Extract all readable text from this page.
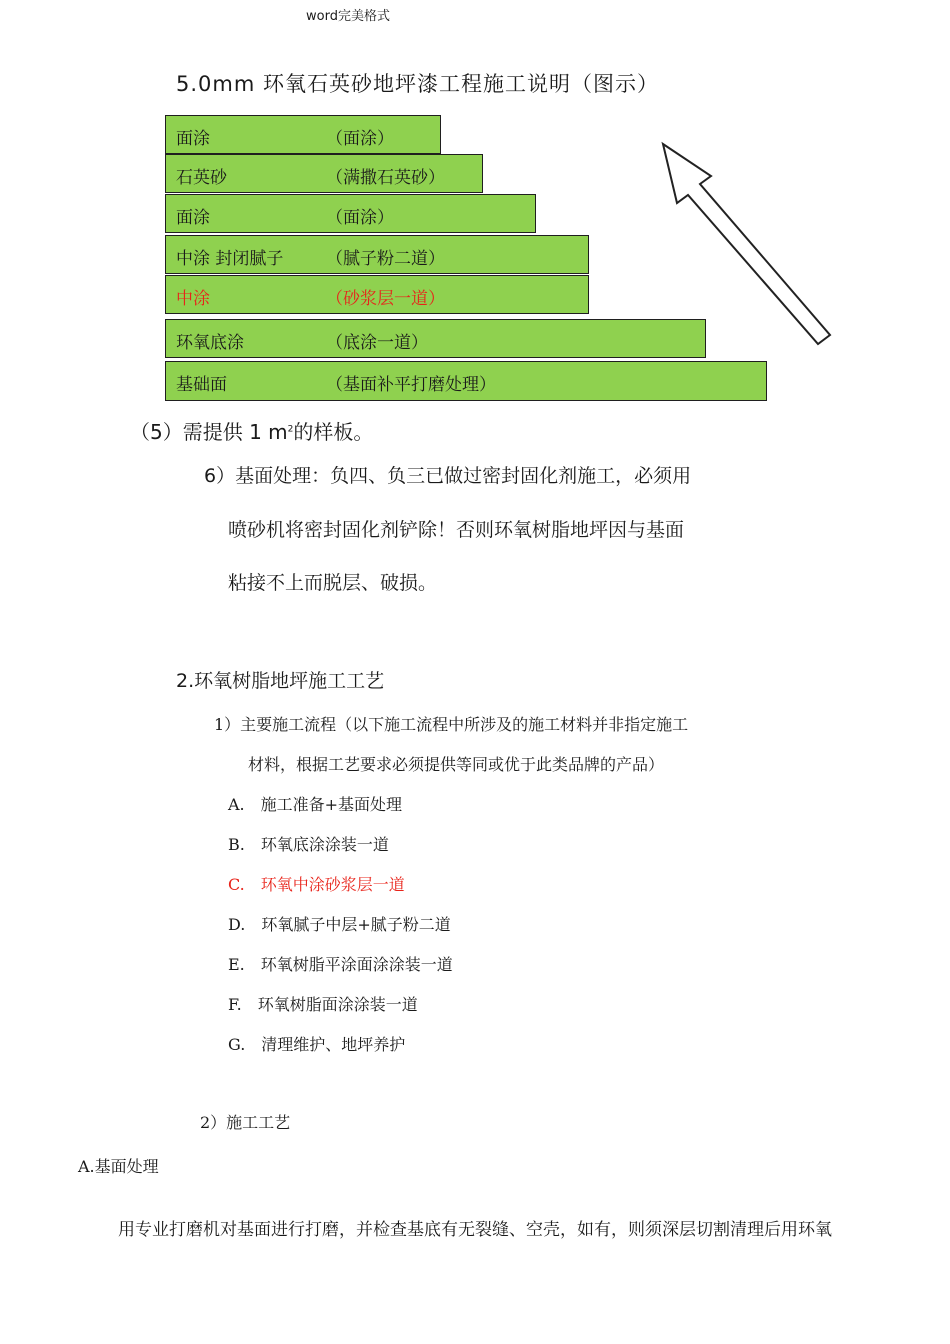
word完美格式
5.0mm 环氧石英砂地坪漆工程施工说明（图示）
面涂	（面涂）
石英砂	（满撒石英砂）
面涂	（面涂）
中涂 封闭腻子	（腻子粉二道）
中涂	（砂浆层一道）
环氧底涂	（底涂一道）
基础面	（基面补平打磨处理）
（5）需提供 1 $m^2$的样板。
6）基面处理：负四、负三已做过密封固化剂施工，必须用
喷砂机将密封固化剂铲除！否则环氧树脂地坪因与基面
粘接不上而脱层、破损。
2.环氧树脂地坪施工工艺
1）主要施工流程（以下施工流程中所涉及的施工材料并非指定施工
材料，根据工艺要求必须提供等同或优于此类品牌的产品）
A. 施工准备+基面处理
B. 环氧底涂涂装一道
C. 环氧中涂砂浆层一道
D. 环氧腻子中层+腻子粉二道
E. 环氧树脂平涂面涂涂装一道
F. 环氧树脂面涂涂装一道
G. 清理维护、地坪养护
2）施工工艺
A.基面处理
用专业打磨机对基面进行打磨，并检查基底有无裂缝、空壳，如有，则须深层切割清理后用环氧
